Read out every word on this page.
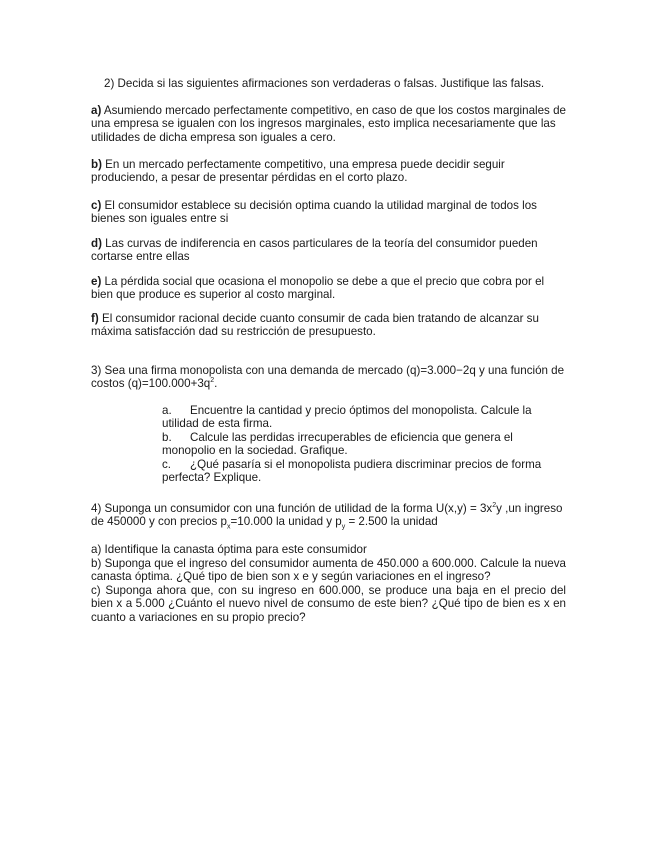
2) Decida si las siguientes afirmaciones son verdaderas o falsas. Justifique las falsas.

a) Asumiendo mercado perfectamente competitivo, en caso de que los costos marginales de una empresa se igualen con los ingresos marginales, esto implica necesariamente que las utilidades de dicha empresa son iguales a cero.

b) En un mercado perfectamente competitivo, una empresa puede decidir seguir produciendo, a pesar de presentar pérdidas en el corto plazo.

c) El consumidor establece su decisión optima cuando la utilidad marginal de todos los bienes son iguales entre si

d) Las curvas de indiferencia en casos particulares de la teoría del consumidor pueden cortarse entre ellas

e) La pérdida social que ocasiona el monopolio se debe a que el precio que cobra por el bien que produce es superior al costo marginal.

f) El consumidor racional decide cuanto consumir de cada bien tratando de alcanzar su máxima satisfacción dad su restricción de presupuesto.

3) Sea una firma monopolista con una demanda de mercado (q)=3.000−2q y una función de costos $(q)=100.000+3q^2$.

a. Encuentre la cantidad y precio óptimos del monopolista. Calcule la utilidad de esta firma.

b. Calcule las perdidas irrecuperables de eficiencia que genera el monopolio en la sociedad. Grafique.

c. ¿Qué pasaría si el monopolista pudiera discriminar precios de forma perfecta? Explique.

4) Suponga un consumidor con una función de utilidad de la forma $U(x,y) = 3x^2y$ ,un ingreso de 450000 y con precios $p_x=10.000$ la unidad y $p_y = 2.500$ la unidad

a) Identifique la canasta óptima para este consumidor

b) Suponga que el ingreso del consumidor aumenta de 450.000 a 600.000. Calcule la nueva canasta óptima. ¿Qué tipo de bien son x e y según variaciones en el ingreso?

c) Suponga ahora que, con su ingreso en 600.000, se produce una baja en el precio del bien x a 5.000 ¿Cuánto el nuevo nivel de consumo de este bien? ¿Qué tipo de bien es x en cuanto a variaciones en su propio precio?
